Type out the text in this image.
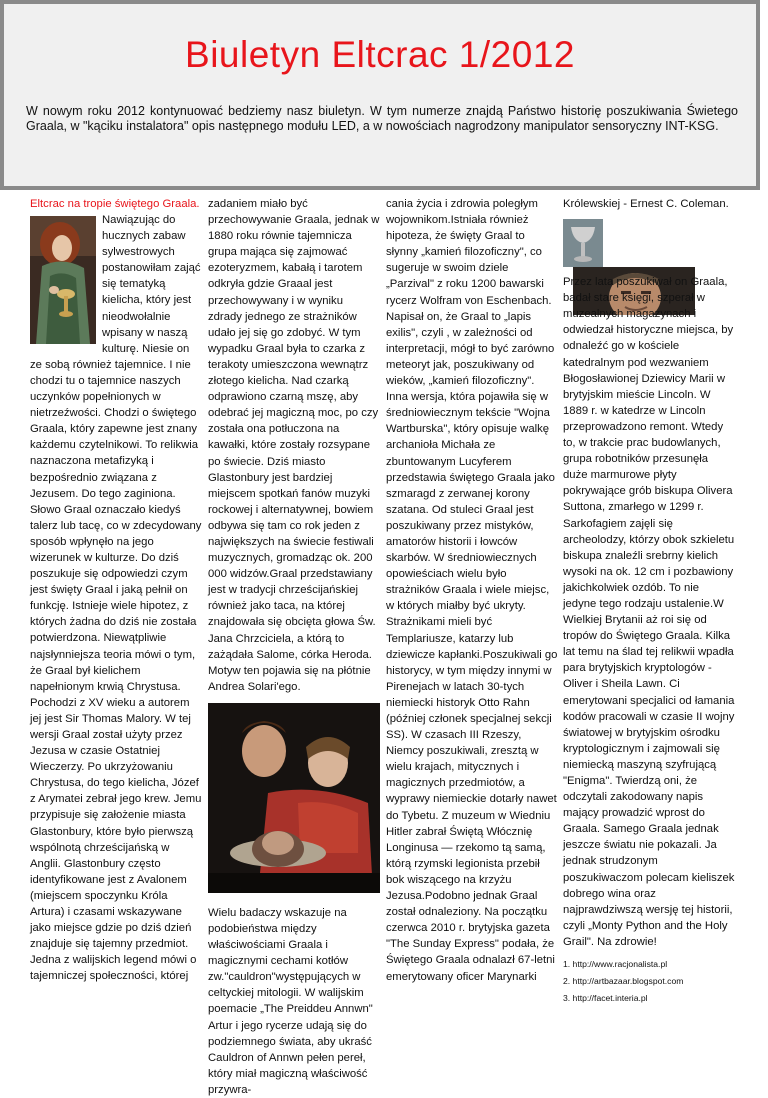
Biuletyn Eltcrac 1/2012
W nowym roku 2012 kontynuować bedziemy nasz biuletyn. W tym numerze znajdą Państwo historię poszukiwania Świetego Graala, w "kąciku instalatora" opis następnego modułu LED, a w nowościach nagrodzony manipulator sensoryczny INT-KSG.

Eltcrac na tropie świętego Graala.

Nawiązując do hucznych zabaw sylwestrowych postanowiłam zająć się tematyką kielicha, który jest nieodwołalnie wpisany w naszą kulturę. Niesie on ze sobą również tajemnice. I nie chodzi tu o tajemnice naszych uczynków popełnionych w nietrzeźwości. Chodzi o świętego Graala, który zapewne jest znany każdemu czytelnikowi. To relikwia naznaczona metafizyką i bezpośrednio związana z Jezusem. Do tego zaginiona. Słowo Graal oznaczało kiedyś talerz lub tacę, co w zdecydowany sposób wpłynęło na jego wizerunek w kulturze. Do dziś poszukuje się odpowiedzi czym jest święty Graal i jaką pełnił on funkcję. Istnieje wiele hipotez, z których żadna do dziś nie została potwierdzona. Niewątpliwie najsłynniejsza teoria mówi o tym, że Graal był kielichem napełnionym krwią Chrystusa. Pochodzi z XV wieku a autorem jej jest Sir Thomas Malory. W tej wersji Graal został użyty przez Jezusa w czasie Ostatniej Wieczerzy. Po ukrzyżowaniu Chrystusa, do tego kielicha, Józef z Arymatei zebrał jego krew. Jemu przypisuje się założenie miasta Glastonbury, które było pierwszą wspólnotą chrześcijańską w Anglii. Glastonbury często identyfikowane jest z Avalonem (miejscem spoczynku Króla Artura) i czasami wskazywane jako miejsce gdzie po dziś dzień znajduje się tajemny przedmiot. Jedna z walijskich legend mówi o tajemniczej społeczności, której

zadaniem miało być przechowywanie Graala, jednak w 1880 roku równie tajemnicza grupa mająca się zajmować ezoteryzmem, kabałą i tarotem odkryła gdzie Graaal jest przechowywany i w wyniku zdrady jednego ze strażników udało jej się go zdobyć. W tym wypadku Graal była to czarka z terakoty umieszczona wewnątrz złotego kielicha. Nad czarką odprawiono czarną mszę, aby odebrać jej magiczną moc, po czy została ona potłuczona na kawałki, które zostały rozsypane po świecie. Dziś miasto Glastonbury jest bardziej miejscem spotkań fanów muzyki rockowej i alternatywnej, bowiem odbywa się tam co rok jeden z największych na świecie festiwali muzycznych, gromadząc ok. 200 000 widzów.Graal przedstawiany jest w tradycji chrześcijańskiej również jako taca, na której znajdowała się obcięta głowa Św. Jana Chrzciciela, a którą to zażądała Salome, córka Heroda. Motyw ten pojawia się na płótnie Andrea Solari'ego.

Wielu badaczy wskazuje na podobieństwa między właściwościami Graala i magicznymi cechami kotłów zw."cauldron"występujących w celtyckiej mitologii. W walijskim poemacie „The Preiddeu Annwn" Artur i jego rycerze udają się do podziemnego świata, aby ukraść Cauldron of Annwn pełen pereł, który miał magiczną właściwość przywra-

cania życia i zdrowia poległym wojownikom.Istniała również hipoteza, że święty Graal to słynny „kamień filozoficzny", co sugeruje w swoim dziele „Parzival" z roku 1200 bawarski rycerz Wolfram von Eschenbach. Napisał on, że Graal to „lapis exilis", czyli , w zależności od interpretacji, mógł to być zarówno meteoryt jak, poszukiwany od wieków, „kamień filozoficzny". Inna wersja, która pojawiła się w średniowiecznym tekście "Wojna Wartburska", który opisuje walkę archanioła Michała ze zbuntowanym Lucyferem przedstawia świętego Graala jako szmaragd z zerwanej korony szatana. Od stuleci Graal jest poszukiwany przez mistyków, amatorów historii i łowców skarbów. W średniowiecznych opowieściach wielu było strażników Graala i wiele miejsc, w których miałby być ukryty. Strażnikami mieli być Templariusze, katarzy lub dziewicze kapłanki.Poszukiwali go historycy, w tym między innymi w Pirenejach w latach 30-tych niemiecki historyk Otto Rahn (później członek specjalnej sekcji SS). W czasach III Rzeszy, Niemcy poszukiwali, zresztą w wielu krajach, mitycznych i magicznych przedmiotów, a wyprawy niemieckie dotarły nawet do Tybetu. Z muzeum w Wiedniu Hitler zabrał Świętą Włócznię Longinusa — rzekomo tą samą, którą rzymski legionista przebił bok wiszącego na krzyżu Jezusa.Podobno jednak Graal został odnaleziony. Na początku czerwca 2010 r. brytyjska gazeta "The Sunday Express" podała, że Świętego Graala odnalazł 67-letni emerytowany oficer Marynarki

Królewskiej - Ernest C. Coleman.

Przez lata poszukiwał on Graala, badał stare księgi, szperał w muzealnych magazynach i odwiedzał historyczne miejsca, by odnaleźć go w kościele katedralnym pod wezwaniem Błogosławionej Dziewicy Marii w brytyjskim mieście Lincoln. W 1889 r. w katedrze w Lincoln przeprowadzono remont. Wtedy to, w trakcie prac budowlanych, grupa robotników przesunęła duże marmurowe płyty pokrywające grób biskupa Olivera Suttona, zmarłego w 1299 r. Sarkofagiem zajęli się archeolodzy, którzy obok szkieletu biskupa znaleźli srebrny kielich wysoki na ok. 12 cm i pozbawiony jakichkolwiek ozdób. To nie jedyne tego rodzaju ustalenie.W Wielkiej Brytanii aż roi się od tropów do Świętego Graala. Kilka lat temu na ślad tej relikwii wpadła para brytyjskich kryptologów - Oliver i Sheila Lawn. Ci emerytowani specjalici od łamania kodów pracowali w czasie II wojny światowej w brytyjskim ośrodku kryptologicznym i zajmowali się niemiecką maszyną szyfrującą "Enigma". Twierdzą oni, że odczytali zakodowany napis mający prowadzić wprost do Graala. Samego Graala jednak jeszcze światu nie pokazali. Ja jednak strudzonym poszukiwaczom polecam kieliszek dobrego wina oraz najprawdziwszą wersję tej historii, czyli „Monty Python and the Holy Grail". Na zdrowie!

1. http://www.racjonalista.pl
2. http://artbazaar.blogspot.com
3. http://facet.interia.pl
